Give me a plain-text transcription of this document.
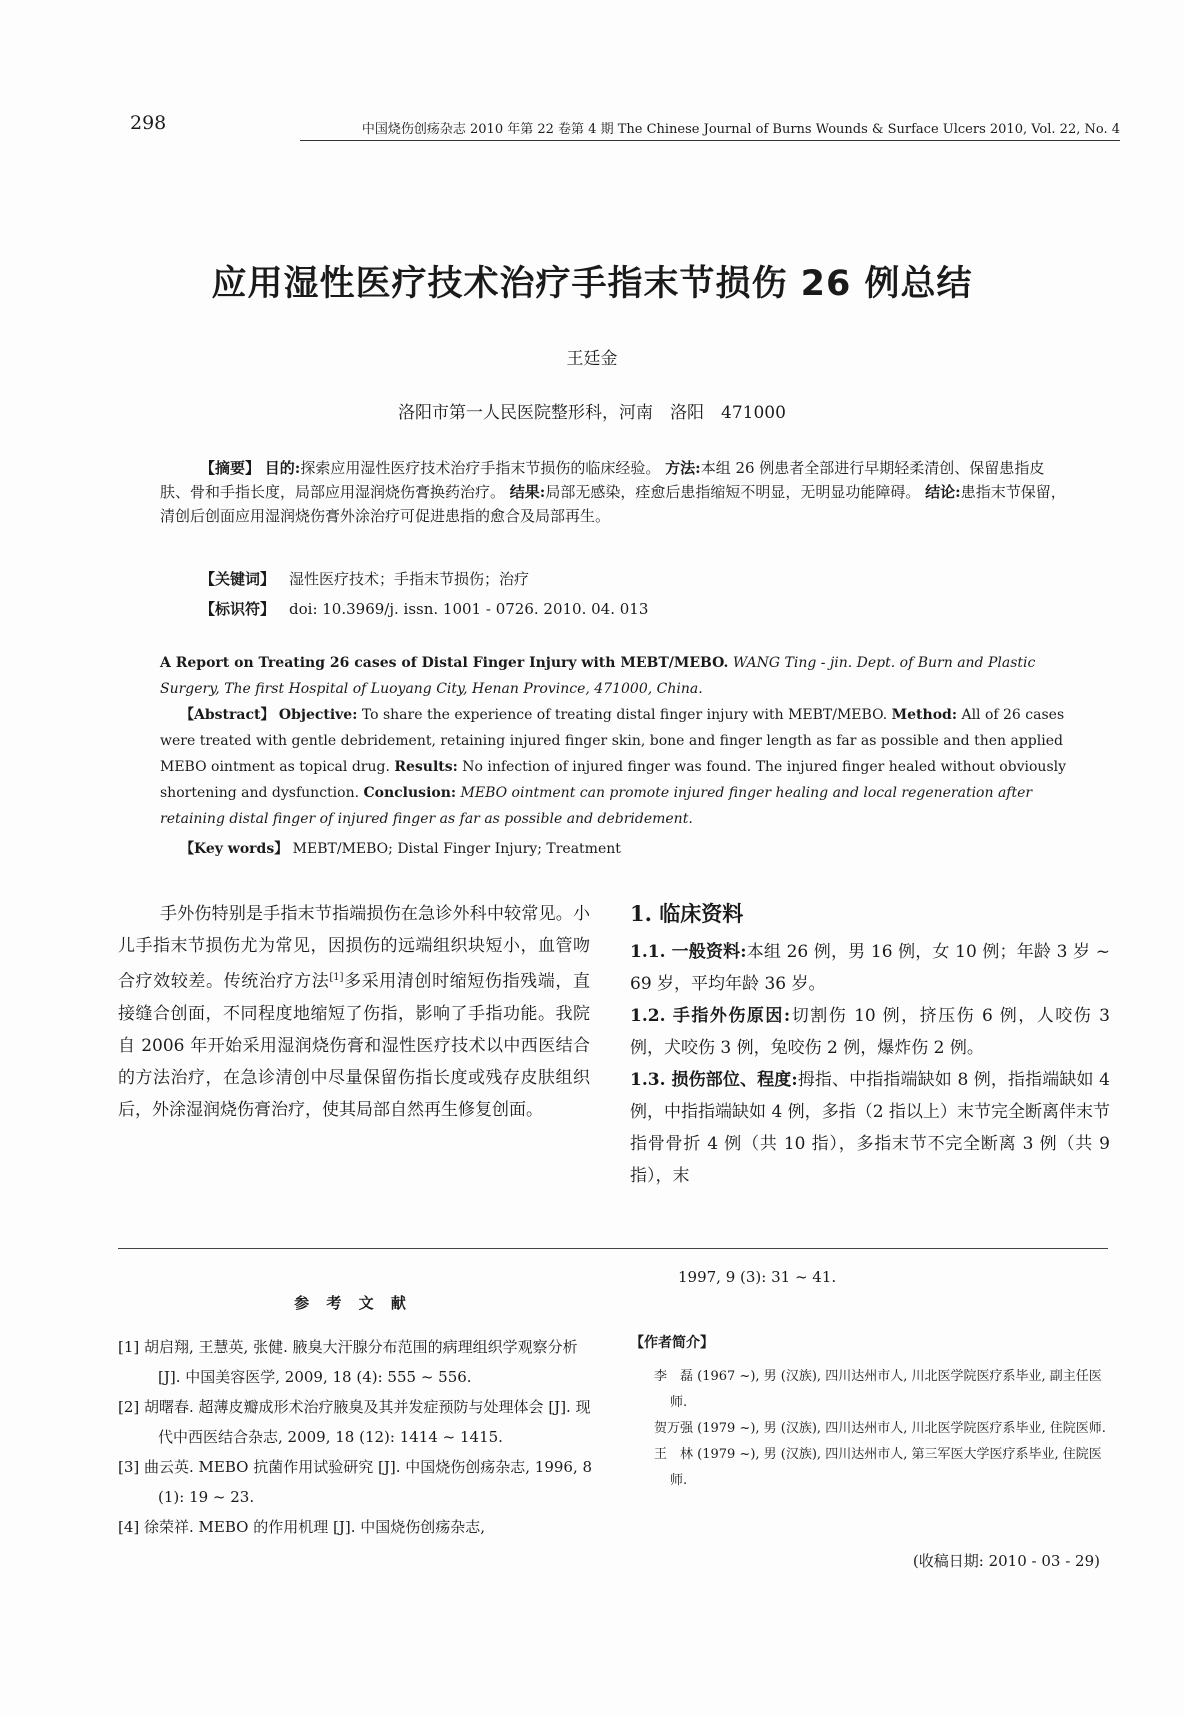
298	中国烧伤创疡杂志 2010 年第 22 卷第 4 期 The Chinese Journal of Burns Wounds & Surface Ulcers 2010, Vol. 22, No. 4
应用湿性医疗技术治疗手指末节损伤 26 例总结
王廷金
洛阳市第一人民医院整形科，河南　洛阳　471000
【摘要】 目的:探索应用湿性医疗技术治疗手指末节损伤的临床经验。 方法:本组 26 例患者全部进行早期轻柔清创、保留患指皮肤、骨和手指长度，局部应用湿润烧伤膏换药治疗。 结果:局部无感染，痊愈后患指缩短不明显，无明显功能障碍。 结论:患指末节保留，清创后创面应用湿润烧伤膏外涂治疗可促进患指的愈合及局部再生。
【关键词】 湿性医疗技术；手指末节损伤；治疗
【标识符】 doi: 10.3969/j. issn. 1001 - 0726. 2010. 04. 013
A Report on Treating 26 cases of Distal Finger Injury with MEBT/MEBO. WANG Ting - jin. Dept. of Burn and Plastic Surgery, The first Hospital of Luoyang City, Henan Province, 471000, China.
【Abstract】 Objective: To share the experience of treating distal finger injury with MEBT/MEBO. Method: All of 26 cases were treated with gentle debridement, retaining injured finger skin, bone and finger length as far as possible and then applied MEBO ointment as topical drug. Results: No infection of injured finger was found. The injured finger healed without obviously shortening and dysfunction. Conclusion: MEBO ointment can promote injured finger healing and local regeneration after retaining distal finger of injured finger as far as possible and debridement.
【Key words】 MEBT/MEBO; Distal Finger Injury; Treatment
手外伤特别是手指末节指端损伤在急诊外科中较常见。小儿手指末节损伤尤为常见，因损伤的远端组织块短小，血管吻合疗效较差。传统治疗方法[1]多采用清创时缩短伤指残端，直接缝合创面，不同程度地缩短了伤指，影响了手指功能。我院自 2006 年开始采用湿润烧伤膏和湿性医疗技术以中西医结合的方法治疗，在急诊清创中尽量保留伤指长度或残存皮肤组织后，外涂湿润烧伤膏治疗，使其局部自然再生修复创面。
1. 临床资料

1.1. 一般资料:本组 26 例，男 16 例，女 10 例；年龄 3 岁 ~ 69 岁，平均年龄 36 岁。

1.2. 手指外伤原因:切割伤 10 例，挤压伤 6 例，人咬伤 3 例，犬咬伤 3 例，兔咬伤 2 例，爆炸伤 2 例。

1.3. 损伤部位、程度:拇指、中指指端缺如 8 例，指指端缺如 4 例，中指指端缺如 4 例，多指（2 指以上）末节完全断离伴末节指骨骨折 4 例（共 10 指），多指末节不完全断离 3 例（共 9 指），末

参 考 文 献
[1] 胡启翔, 王慧英, 张健. 腋臭大汗腺分布范围的病理组织学观察分析 [J]. 中国美容医学, 2009, 18 (4): 555 ~ 556.
[2] 胡曙春. 超薄皮瓣成形术治疗腋臭及其并发症预防与处理体会 [J]. 现代中西医结合杂志, 2009, 18 (12): 1414 ~ 1415.
[3] 曲云英. MEBO 抗菌作用试验研究 [J]. 中国烧伤创疡杂志, 1996, 8 (1): 19 ~ 23.
[4] 徐荣祥. MEBO 的作用机理 [J]. 中国烧伤创疡杂志,
1997, 9 (3): 31 ~ 41.
【作者简介】
李　磊 (1967 ~), 男 (汉族), 四川达州市人, 川北医学院医疗系毕业, 副主任医师.
贺万强 (1979 ~), 男 (汉族), 四川达州市人, 川北医学院医疗系毕业, 住院医师.
王　林 (1979 ~), 男 (汉族), 四川达州市人, 第三军医大学医疗系毕业, 住院医师.
(收稿日期: 2010 - 03 - 29)
